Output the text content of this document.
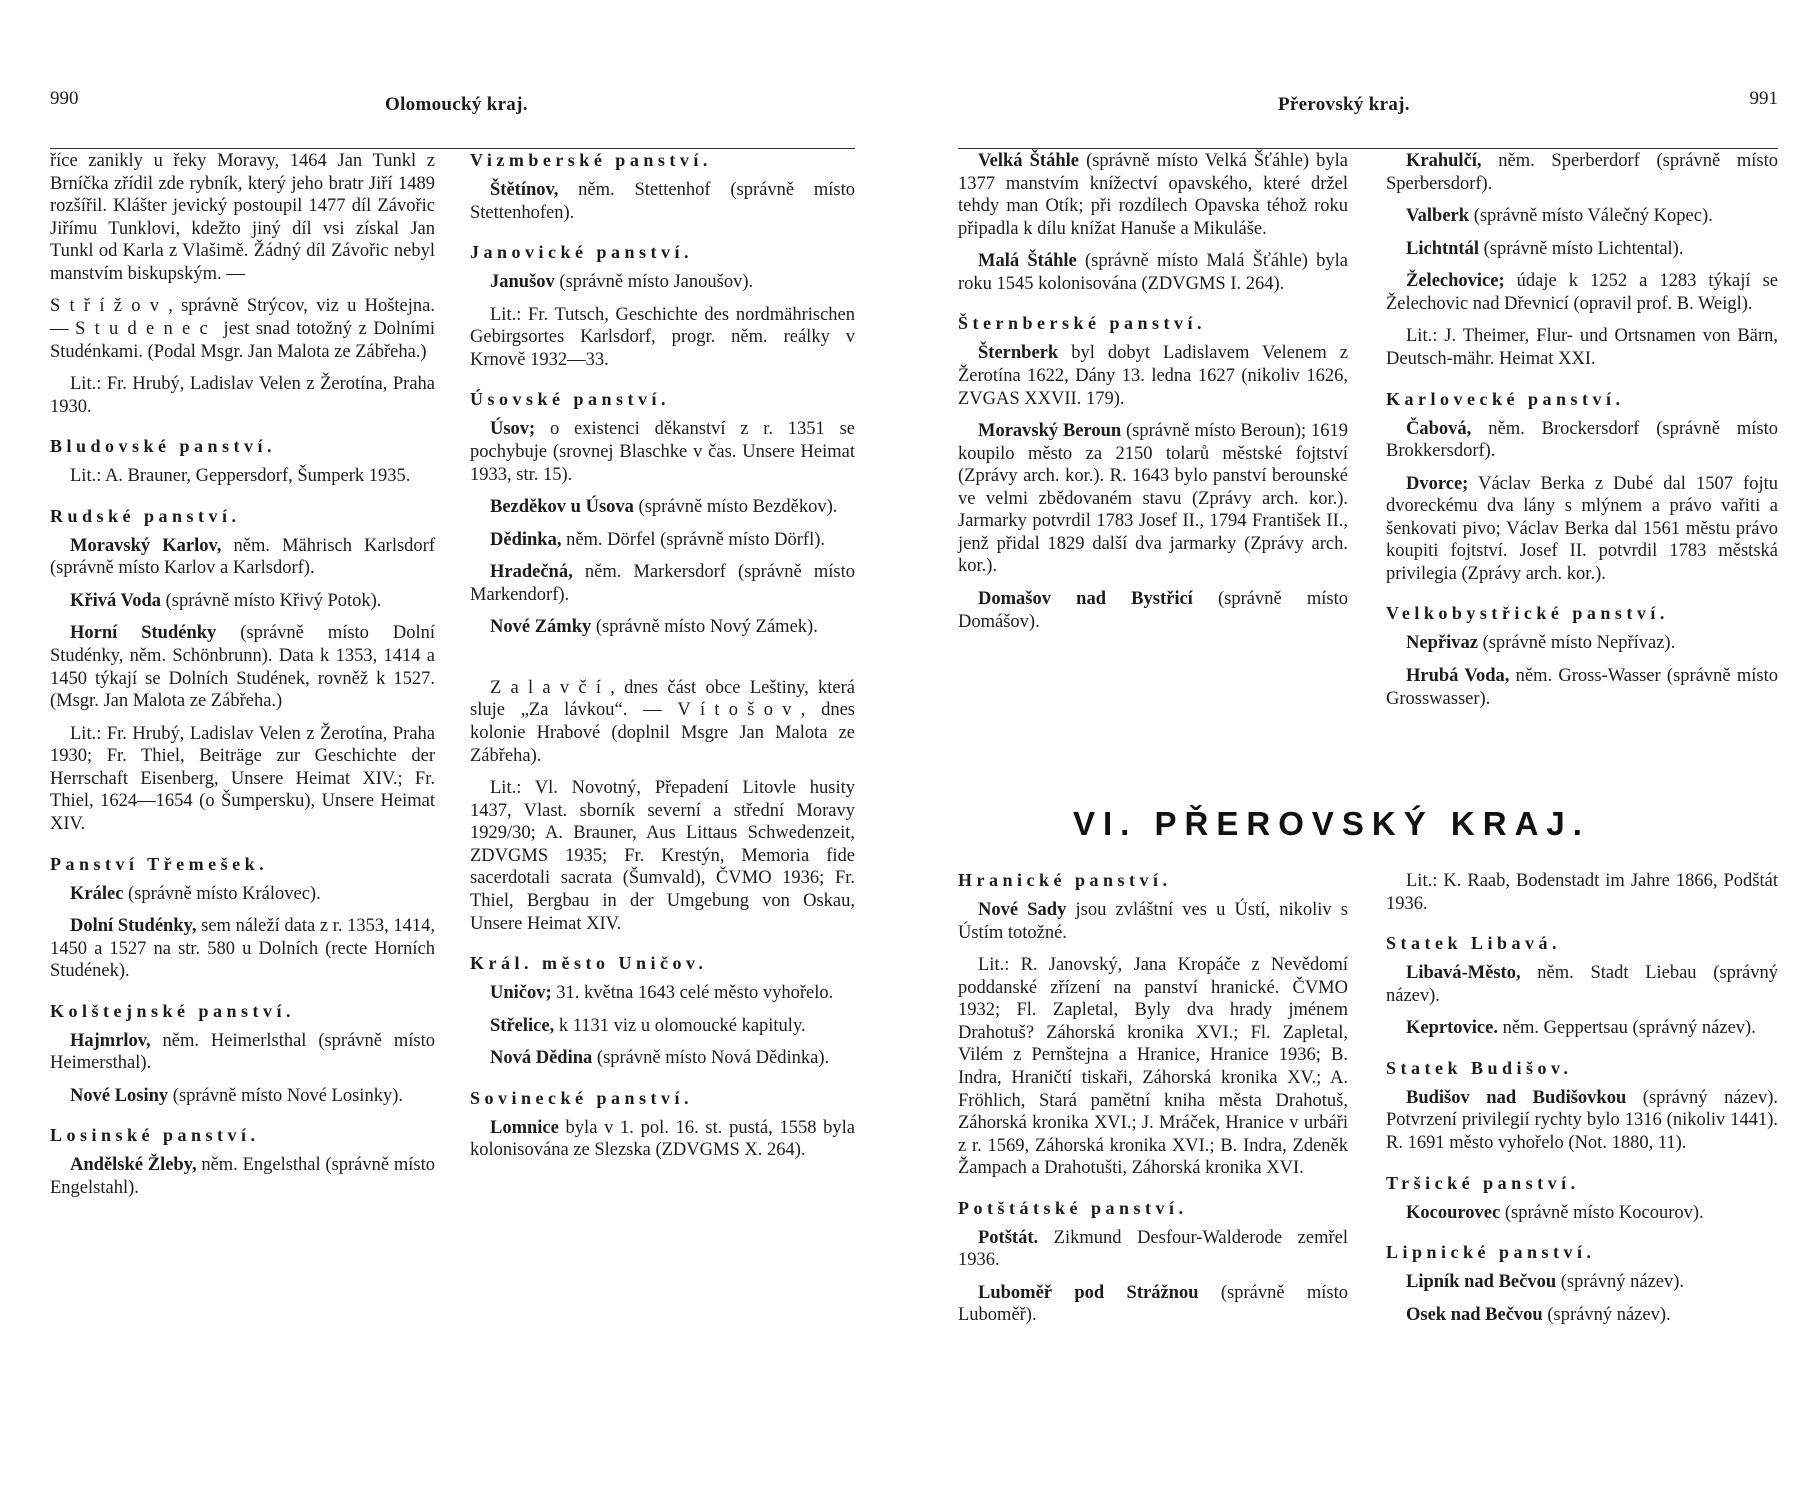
990	Olomoucký kraj.

říce zanikly u řeky Moravy, 1464 Jan Tunkl z Brníčka zřídil zde rybník, který jeho bratr Jiří 1489 rozšířil. Klášter jevický postoupil 1477 díl Závořic Jiřímu Tunklovi, kdežto jiný díl vsi získal Jan Tunkl od Karla z Vlašimě. Žádný díl Závořic nebyl manstvím biskupským. —

Střížov, správně Strýcov, viz u Hošteјna. — Studenec jest snad totožný z Dolními Studénkami. (Podal Msgr. Jan Malota ze Zábřeha.)

Lit.: Fr. Hrubý, Ladislav Velen z Žerotína, Praha 1930.

Bludovské panství.

Lit.: A. Brauner, Geppersdorf, Šumperk 1935.

Rudské panství.

Moravský Karlov, něm. Mährisch Karlsdorf (správně místo Karlov a Karlsdorf).

Křivá Voda (správně místo Křivý Potok).

Horní Studénky (správně místo Dolní Studénky, něm. Schönbrunn). Data k 1353, 1414 a 1450 týkají se Dolních Studének, rovněž k 1527. (Msgr. Jan Malota ze Zábřeha.)

Lit.: Fr. Hrubý, Ladislav Velen z Žerotína, Praha 1930; Fr. Thiel, Beiträge zur Geschichte der Herrschaft Eisenberg, Unsere Heimat XIV.; Fr. Thiel, 1624—1654 (o Šumpersku), Unsere Heimat XIV.

Panství Třemešek.

Králec (správně místo Královec).

Dolní Studénky, sem náleží data z r. 1353, 1414, 1450 a 1527 na str. 580 u Dolních (recte Horních Studének).

Kolštejnské panství.

Hajmrlov, něm. Heimerlsthal (správně místo Heimersthal).

Nové Losiny (správně místo Nové Losinky).

Losinské panství.

Andělské Žleby, něm. Engelsthal (správně místo Engelstahl).

Vizmberské panství.

Štětínov, něm. Stettenhof (správně místo Stettenhofen).

Janovické panství.

Janušov (správně místo Janoušov).

Lit.: Fr. Tutsch, Geschichte des nordmährischen Gebirgsortes Karlsdorf, progr. něm. reálky v Krnově 1932—33.

Úsovské panství.

Úsov; o existenci děkanství z r. 1351 se pochybuje (srovnej Blaschke v čas. Unsere Heimat 1933, str. 15).

Bezděkov u Úsova (správně místo Bezděkov).

Dědinka, něm. Dörfel (správně místo Dörfl).

Hradečná, něm. Markersdorf (správně místo Markendorf).

Nové Zámky (správně místo Nový Zámek).

Zalavčí, dnes část obce Leštiny, která sluje „Za lávkou“. — Vítošov, dnes kolonie Hrabové (doplnil Msgre Jan Malota ze Zábřeha).

Lit.: Vl. Novotný, Přepadení Litovle husity 1437, Vlast. sborník severní a střední Moravy 1929/30; A. Brauner, Aus Littaus Schwedenzeit, ZDVGMS 1935; Fr. Krestýn, Memoria fide sacerdotali sacrata (Šumvald), ČVMO 1936; Fr. Thiel, Bergbau in der Umgebung von Oskau, Unsere Heimat XIV.

Král. město Uničov.

Uničov; 31. května 1643 celé město vyhořelo.

Střelice, k 1131 viz u olomoucké kapituly.

Nová Dědina (správně místo Nová Dědinka).

Sovinecké panství.

Lomnice byla v 1. pol. 16. st. pustá, 1558 byla kolonisována ze Slezska (ZDVGMS X. 264).

Přerovský kraj.	991

Velká Štáhle (správně místo Velká Šťáhle) byla 1377 manstvím knížectví opavského, které držel tehdy man Otík; při rozdílech Opavska téhož roku připadla k dílu knížat Hanuše a Mikuláše.

Malá Štáhle (správně místo Malá Šťáhle) byla roku 1545 kolonisována (ZDVGMS I. 264).

Šternberské panství.

Šternberk byl dobyt Ladislavem Velenem z Žerotína 1622, Dány 13. ledna 1627 (nikoliv 1626, ZVGAS XXVII. 179).

Moravský Beroun (správně místo Beroun); 1619 koupilo město za 2150 tolarů městské fojtství (Zprávy arch. kor.). R. 1643 bylo panství berounské ve velmi zbědovaném stavu (Zprávy arch. kor.). Jarmarky potvrdil 1783 Josef II., 1794 František II., jenž přidal 1829 další dva jarmarky (Zprávy arch. kor.).

Domašov nad Bystřicí (správně místo Domášov).

Krahulčí, něm. Sperberdorf (správně místo Sperbersdorf).

Valberk (správně místo Válečný Kopec).

Lichtntál (správně místo Lichtental).

Želechovice; údaje k 1252 a 1283 týkají se Želechovic nad Dřevnicí (opravil prof. B. Weigl).

Lit.: J. Theimer, Flur- und Ortsnamen von Bärn, Deutsch-mähr. Heimat XXI.

Karlovecké panství.

Čabová, něm. Brockersdorf (správně místo Brokkersdorf).

Dvorce; Václav Berka z Dubé dal 1507 fojtu dvoreckému dva lány s mlýnem a právo vařiti a šenkovati pivo; Václav Berka dal 1561 městu právo koupiti fojtství. Josef II. potvrdil 1783 městská privilegia (Zprávy arch. kor.).

Velkobystřické panství.

Nepřivaz (správně místo Nepřívaz).

Hrubá Voda, něm. Gross-Wasser (správně místo Grosswasser).

VI. PŘEROVSKÝ KRAJ.
Hranické panství.

Nové Sady jsou zvláštní ves u Ústí, nikoliv s Ústím totožné.

Lit.: R. Janovský, Jana Kropáče z Nevědomí poddanské zřízení na panství hranické. ČVMO 1932; Fl. Zapletal, Byly dva hrady jménem Drahotuš? Záhorská kronika XVI.; Fl. Zapletal, Vilém z Pernštejna a Hranice, Hranice 1936; B. Indra, Hraničtí tiskaři, Záhorská kronika XV.; A. Fröhlich, Stará pamětní kniha města Drahotuš, Záhorská kronika XVI.; J. Mráček, Hranice v urbáři z r. 1569, Záhorská kronika XVI.; B. Indra, Zdeněk Žampach a Drahotušti, Záhorská kronika XVI.

Potštátské panství.

Potštát. Zikmund Desfour-Walderode zemřel 1936.

Luboměř pod Strážnou (správně místo Luboměř).

Lit.: K. Raab, Bodenstadt im Jahre 1866, Podštát 1936.

Statek Libavá.

Libavá-Město, něm. Stadt Liebau (správný název).

Keprtovice. něm. Geppertsau (správný název).

Statek Budišov.

Budišov nad Budišovkou (správný název). Potvrzení privilegií rychty bylo 1316 (nikoliv 1441). R. 1691 město vyhořelo (Not. 1880, 11).

Tršické panství.

Kocourovec (správně místo Kocourov).

Lipnické panství.

Lipník nad Bečvou (správný název).

Osek nad Bečvou (správný název).
